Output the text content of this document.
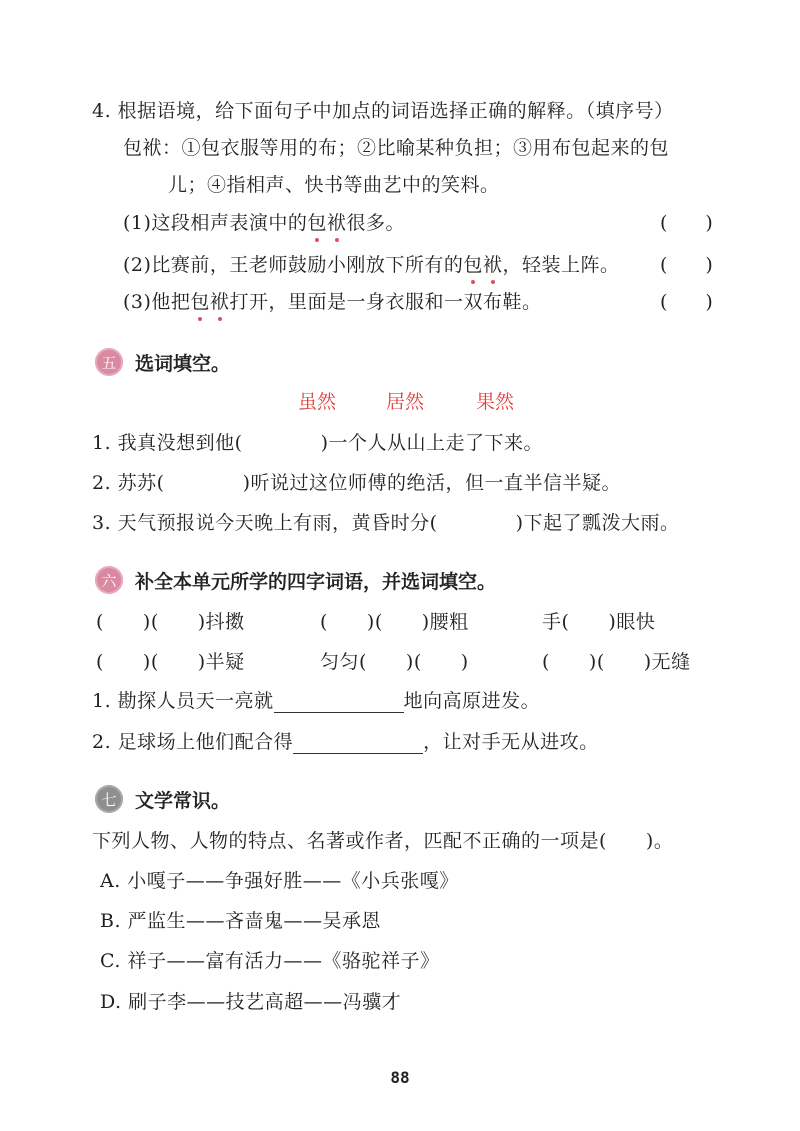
4. 根据语境，给下面句子中加点的词语选择正确的解释。（填序号）
包袱：①包衣服等用的布；②比喻某种负担；③用布包起来的包
儿；④指相声、快书等曲艺中的笑料。
(1)这段相声表演中的包袱很多。	(　　)
(2)比赛前，王老师鼓励小刚放下所有的包袱，轻装上阵。 (　　)
(3)他把包袱打开，里面是一身衣服和一双布鞋。	(　　)
五 选词填空。
虽然	居然	果然
1. 我真没想到他(　　　　)一个人从山上走了下来。
2. 苏苏(　　　　)听说过这位师傅的绝活，但一直半信半疑。
3. 天气预报说今天晚上有雨，黄昏时分(　　　　)下起了瓢泼大雨。
六 补全本单元所学的四字词语，并选词填空。
(　　)(　　)抖擞	(　　)(　　)腰粗	手(　　)眼快
(　　)(　　)半疑	匀匀(　　)(　　)	(　　)(　　)无缝
1. 勘探人员天一亮就	地向高原进发。
2. 足球场上他们配合得	，让对手无从进攻。
七 文学常识。
下列人物、人物的特点、名著或作者，匹配不正确的一项是(　　)。
A. 小嘎子——争强好胜——《小兵张嘎》
B. 严监生——吝啬鬼——吴承恩
C. 祥子——富有活力——《骆驼祥子》
D. 刷子李——技艺高超——冯骥才
88
